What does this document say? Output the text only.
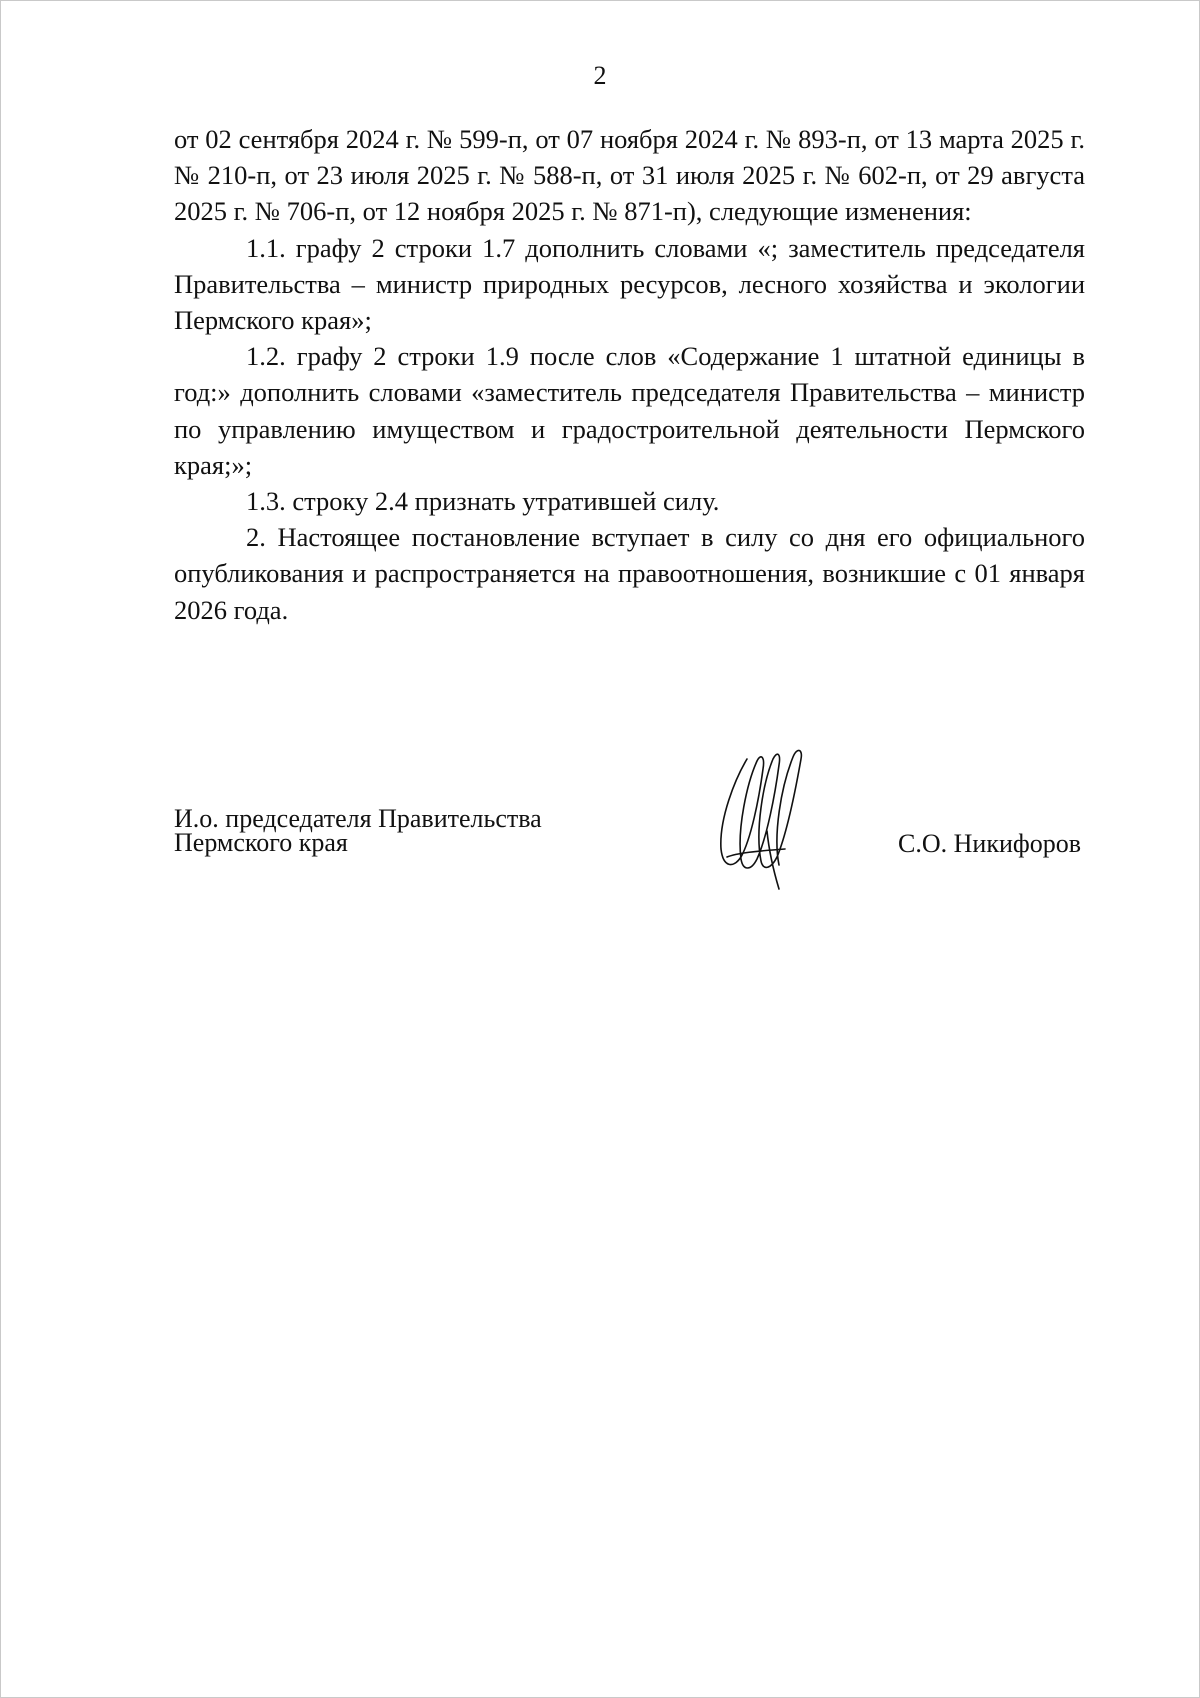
2

от 02 сентября 2024 г. № 599-п, от 07 ноября 2024 г. № 893-п, от 13 марта 2025 г. № 210-п, от 23 июля 2025 г. № 588-п, от 31 июля 2025 г. № 602-п, от 29 августа 2025 г. № 706-п, от 12 ноября 2025 г. № 871-п), следующие изменения:

1.1. графу 2 строки 1.7 дополнить словами «; заместитель председателя Правительства – министр природных ресурсов, лесного хозяйства и экологии Пермского края»;

1.2. графу 2 строки 1.9 после слов «Содержание 1 штатной единицы в год:» дополнить словами «заместитель председателя Правительства – министр по управлению имуществом и градостроительной деятельности Пермского края;»;

1.3. строку 2.4 признать утратившей силу.

2. Настоящее постановление вступает в силу со дня его официального опубликования и распространяется на правоотношения, возникшие с 01 января 2026 года.

И.о. председателя Правительства
Пермского края	С.О. Никифоров
